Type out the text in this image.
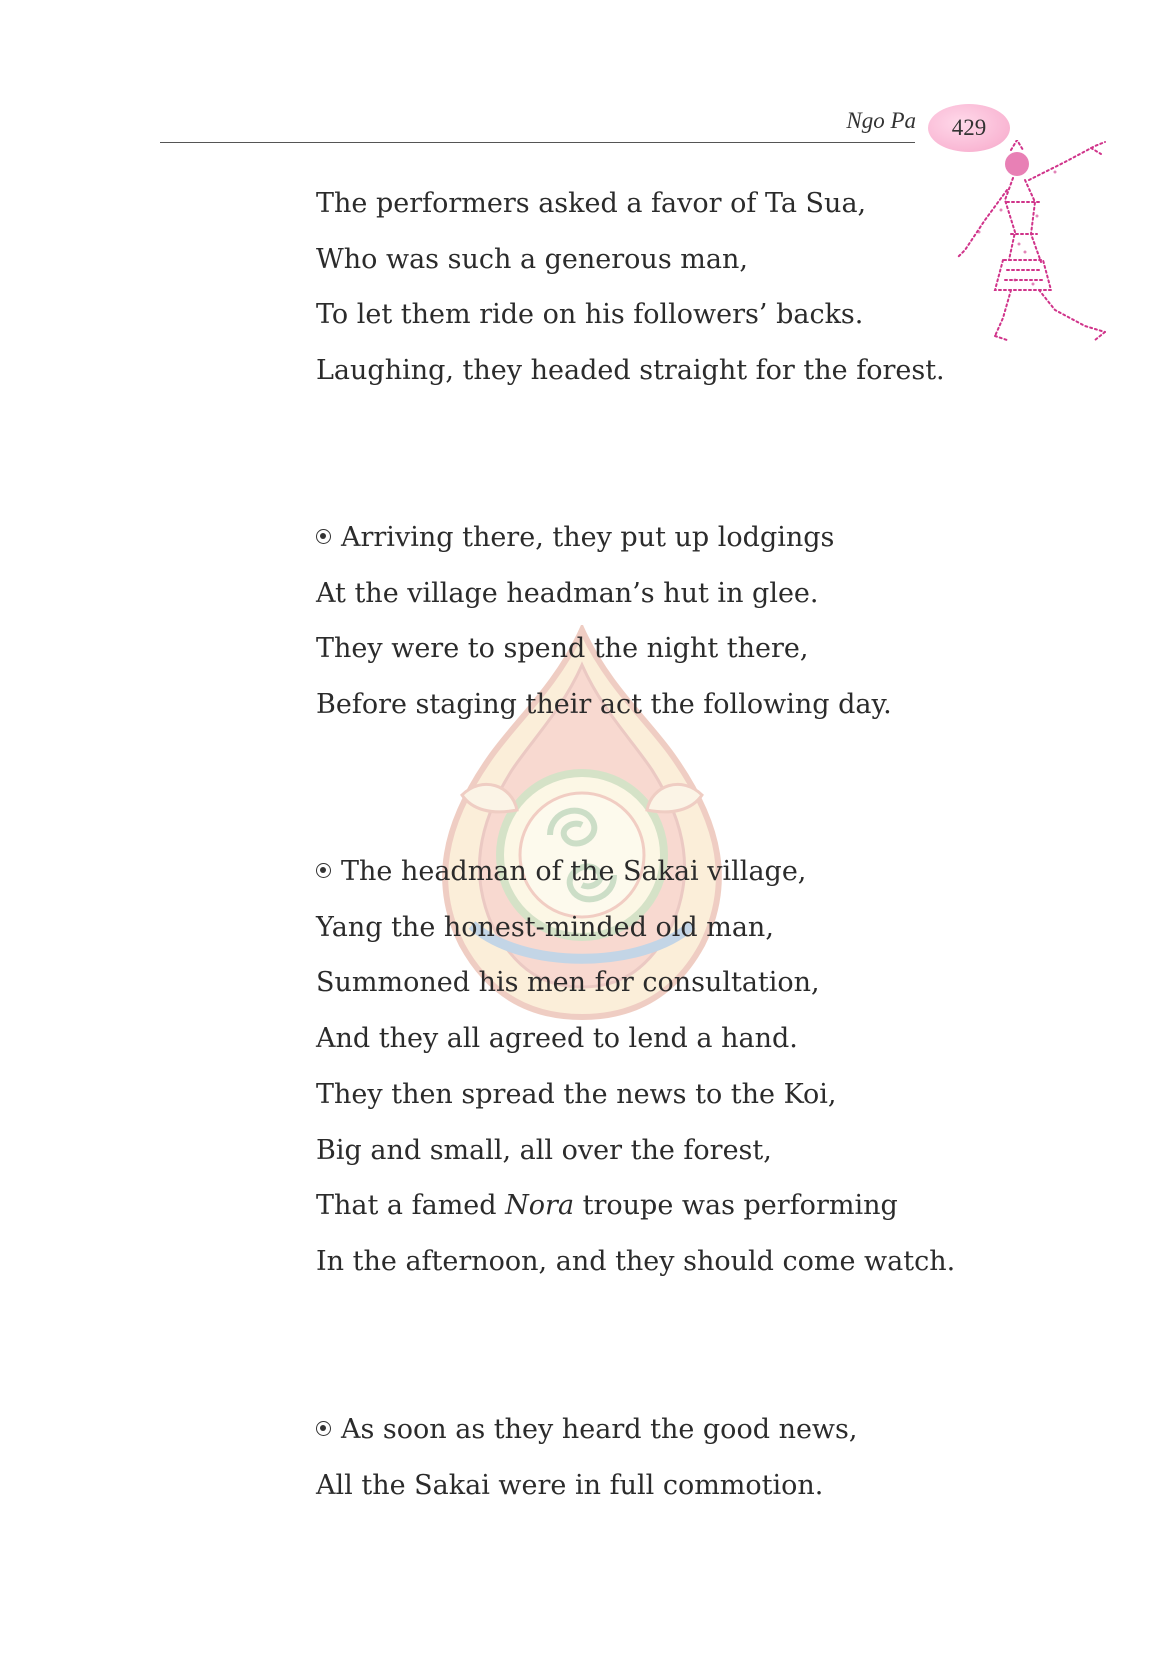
Ngo Pa 429
The performers asked a favor of Ta Sua,
Who was such a generous man,
To let them ride on his followers’ backs.
Laughing, they headed straight for the forest.
Arriving there, they put up lodgings
At the village headman’s hut in glee.
They were to spend the night there,
Before staging their act the following day.
The headman of the Sakai village,
Yang the honest-minded old man,
Summoned his men for consultation,
And they all agreed to lend a hand.
They then spread the news to the Koi,
Big and small, all over the forest,
That a famed Nora troupe was performing
In the afternoon, and they should come watch.
As soon as they heard the good news,
All the Sakai were in full commotion.
